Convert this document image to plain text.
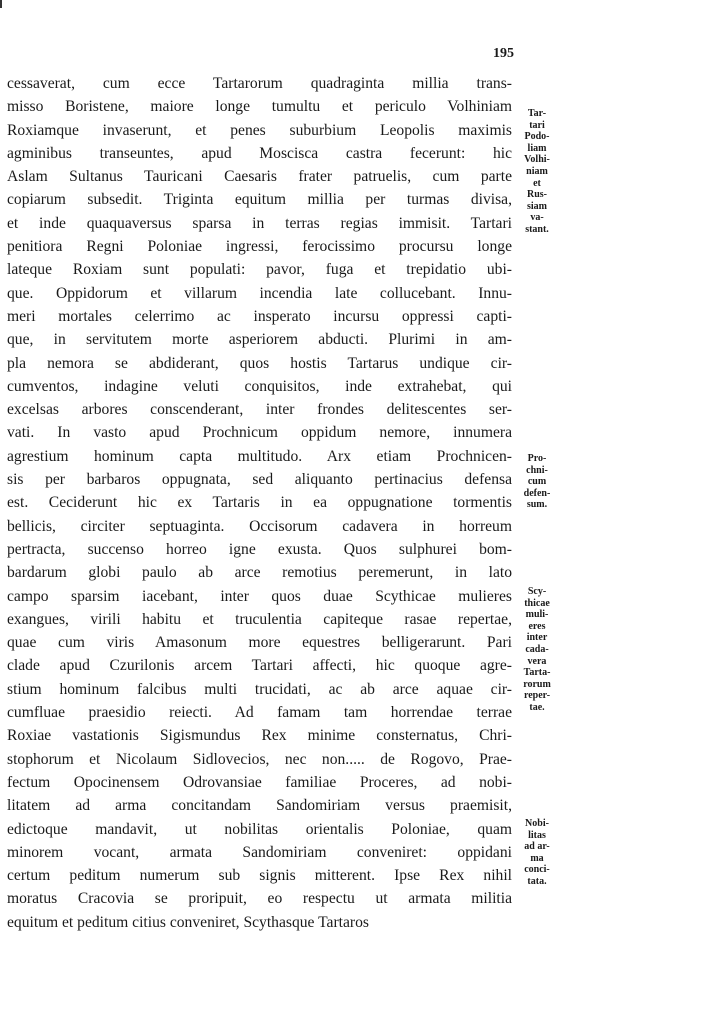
195
cessaverat, cum ecce Tartarorum quadraginta millia trans-
misso Boristene, maiore longe tumultu et periculo Volhiniam
Roxiamque invaserunt, et penes suburbium Leopolis maximis
agminibus transeuntes, apud Moscisca castra fecerunt: hic
Aslam Sultanus Tauricani Caesaris frater patruelis, cum parte
copiarum subsedit. Triginta equitum millia per turmas divisa,
et inde quaquaversus sparsa in terras regias immisit. Tartari
penitiora Regni Poloniae ingressi, ferocissimo procursu longe
lateque Roxiam sunt populati: pavor, fuga et trepidatio ubi-
que. Oppidorum et villarum incendia late collucebant. Innu-
meri mortales celerrimo ac insperato incursu oppressi capti-
que, in servitutem morte asperiorem abducti. Plurimi in am-
pla nemora se abdiderant, quos hostis Tartarus undique cir-
cumventos, indagine veluti conquisitos, inde extrahebat, qui
excelsas arbores conscenderant, inter frondes delitescentes ser-
vati. In vasto apud Prochnicum oppidum nemore, innumera
agrestium hominum capta multitudo. Arx etiam Prochnicen-
sis per barbaros oppugnata, sed aliquanto pertinacius defensa
est. Ceciderunt hic ex Tartaris in ea oppugnatione tormentis
bellicis, circiter septuaginta. Occisorum cadavera in horreum
pertracta, succenso horreo igne exusta. Quos sulphurei bom-
bardarum globi paulo ab arce remotius peremerunt, in lato
campo sparsim iacebant, inter quos duae Scythicae mulieres
exangues, virili habitu et truculentia capiteque rasae repertae,
quae cum viris Amasonum more equestres belligerarunt. Pari
clade apud Czurilonis arcem Tartari affecti, hic quoque agre-
stium hominum falcibus multi trucidati, ac ab arce aquae cir-
cumfluae praesidio reiecti. Ad famam tam horrendae terrae
Roxiae vastationis Sigismundus Rex minime consternatus, Chri-
stophorum et Nicolaum Sidlovecios, nec non..... de Rogovo, Prae-
fectum Opocinensem Odrovansiae familiae Proceres, ad nobi-
litatem ad arma concitandam Sandomiriam versus praemisit,
edictoque mandavit, ut nobilitas orientalis Poloniae, quam
minorem vocant, armata Sandomiriam conveniret: oppidani
certum peditum numerum sub signis mitterent. Ipse Rex nihil
moratus Cracovia se proripuit, eo respectu ut armata militia
equitum et peditum citius conveniret, Scythasque Tartaros
Tar-
tari
Podo-
liam
Volhi-
niam
et
Rus-
siam
va-
stant.
Pro-
chni-
cum
defen-
sum.
Scy-
thicae
muli-
eres
inter
cada-
vera
Tarta-
rorum
reper-
tae.
Nobi-
litas
ad ar-
ma
conci-
tata.
